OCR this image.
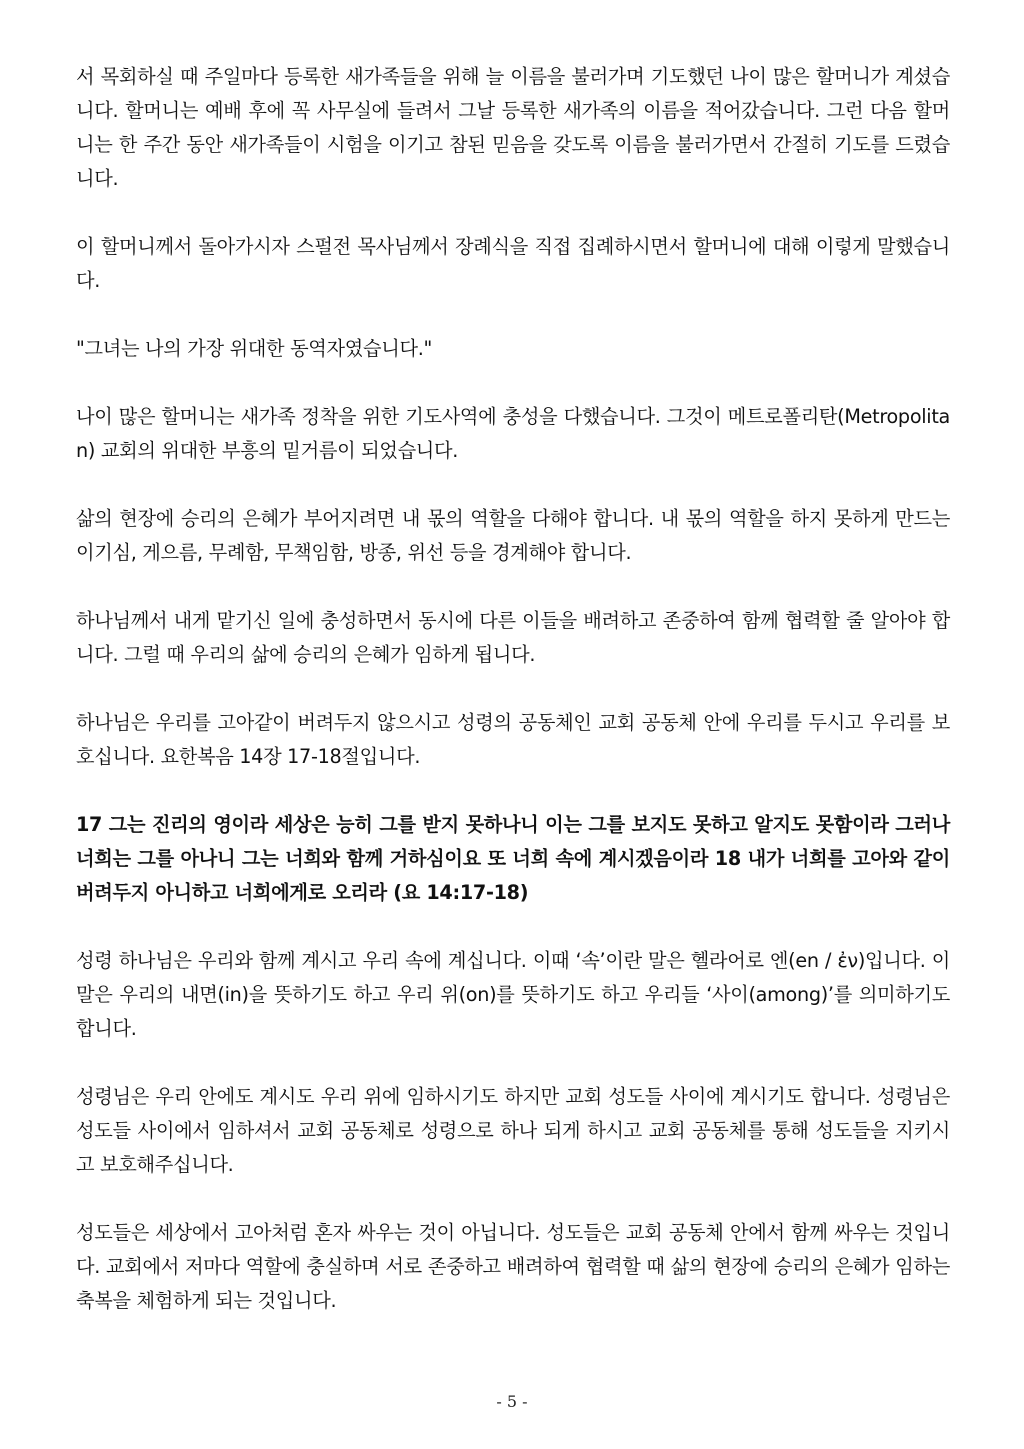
서 목회하실 때 주일마다 등록한 새가족들을 위해 늘 이름을 불러가며 기도했던 나이 많은 할머니가 계셨습니다. 할머니는 예배 후에 꼭 사무실에 들려서 그날 등록한 새가족의 이름을 적어갔습니다. 그런 다음 할머니는 한 주간 동안 새가족들이 시험을 이기고 참된 믿음을 갖도록 이름을 불러가면서 간절히 기도를 드렸습니다.

이 할머니께서 돌아가시자 스펄전 목사님께서 장례식을 직접 집례하시면서 할머니에 대해 이렇게 말했습니다.

"그녀는 나의 가장 위대한 동역자였습니다."

나이 많은 할머니는 새가족 정착을 위한 기도사역에 충성을 다했습니다. 그것이 메트로폴리탄(Metropolitan) 교회의 위대한 부흥의 밑거름이 되었습니다.

삶의 현장에 승리의 은혜가 부어지려면 내 몫의 역할을 다해야 합니다. 내 몫의 역할을 하지 못하게 만드는 이기심, 게으름, 무례함, 무책임함, 방종, 위선 등을 경계해야 합니다.

하나님께서 내게 맡기신 일에 충성하면서 동시에 다른 이들을 배려하고 존중하여 함께 협력할 줄 알아야 합니다. 그럴 때 우리의 삶에 승리의 은혜가 임하게 됩니다.

하나님은 우리를 고아같이 버려두지 않으시고 성령의 공동체인 교회 공동체 안에 우리를 두시고 우리를 보호십니다. 요한복음 14장 17-18절입니다.

17 그는 진리의 영이라 세상은 능히 그를 받지 못하나니 이는 그를 보지도 못하고 알지도 못함이라 그러나 너희는 그를 아나니 그는 너희와 함께 거하심이요 또 너희 속에 계시겠음이라 18 내가 너희를 고아와 같이 버려두지 아니하고 너희에게로 오리라 (요 14:17-18)

성령 하나님은 우리와 함께 계시고 우리 속에 계십니다. 이때 ‘속’이란 말은 헬라어로 엔(en / ἐν)입니다. 이 말은 우리의 내면(in)을 뜻하기도 하고 우리 위(on)를 뜻하기도 하고 우리들 ‘사이(among)’를 의미하기도 합니다.

성령님은 우리 안에도 계시도 우리 위에 임하시기도 하지만 교회 성도들 사이에 계시기도 합니다. 성령님은 성도들 사이에서 임하셔서 교회 공동체로 성령으로 하나 되게 하시고 교회 공동체를 통해 성도들을 지키시고 보호해주십니다.

성도들은 세상에서 고아처럼 혼자 싸우는 것이 아닙니다. 성도들은 교회 공동체 안에서 함께 싸우는 것입니다. 교회에서 저마다 역할에 충실하며 서로 존중하고 배려하여 협력할 때 삶의 현장에 승리의 은혜가 임하는 축복을 체험하게 되는 것입니다.

- 5 -
